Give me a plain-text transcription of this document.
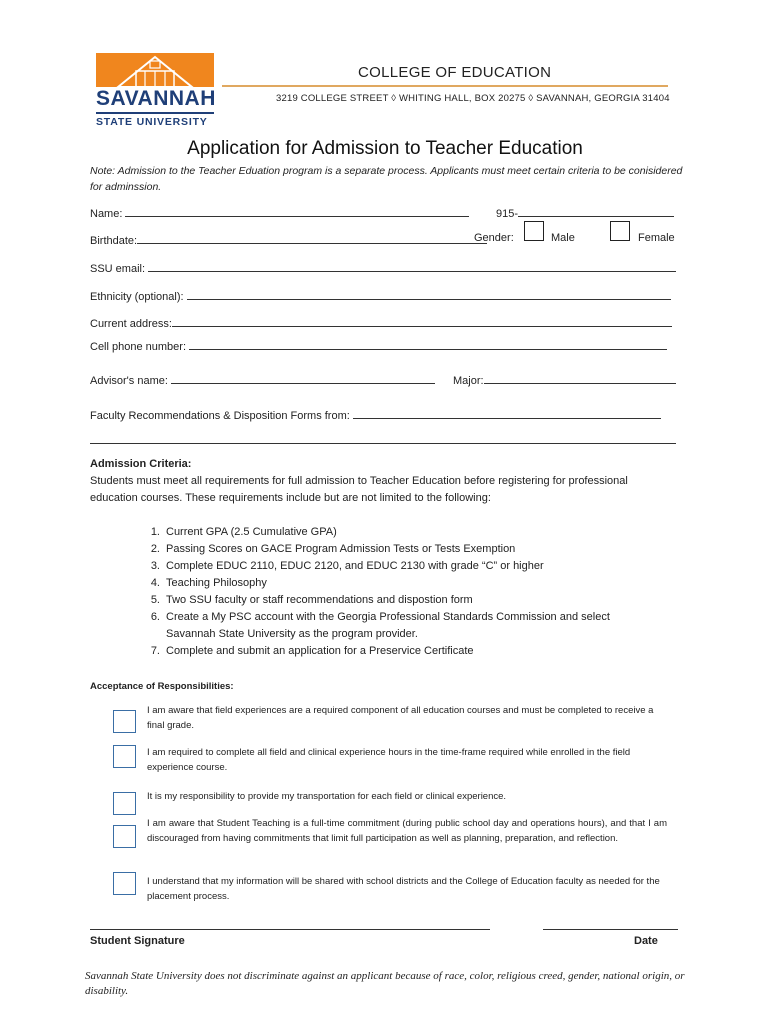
SAVANNAH
STATE UNIVERSITY
COLLEGE OF EDUCATION
3219 COLLEGE STREET ◊ WHITING HALL, BOX 20275 ◊ SAVANNAH, GEORGIA 31404
Application for Admission to Teacher Education
Note: Admission to the Teacher Eduation program is a separate process. Applicants must meet certain criteria to be conisidered for adminssion.
Name:	915-
Birthdate:	Gender:	Male	Female
SSU email:
Ethnicity (optional):
Current address:
Cell phone number:
Advisor's name:	Major:
Faculty Recommendations & Disposition Forms from:
Admission Criteria:
Students must meet all requirements for full admission to Teacher Education before registering for professional education courses. These requirements include but are not limited to the following:
1. Current GPA (2.5 Cumulative GPA)
2. Passing Scores on GACE Program Admission Tests or Tests Exemption
3. Complete EDUC 2110, EDUC 2120, and EDUC 2130 with grade “C” or higher
4. Teaching Philosophy
5. Two SSU faculty or staff recommendations and dispostion form
6. Create a My PSC account with the Georgia Professional Standards Commission and select
Savannah State University as the program provider.
7. Complete and submit an application for a Preservice Certificate
Acceptance of Responsibilities:
I am aware that field experiences are a required component of all education courses and must be completed to receive a final grade.
I am required to complete all field and clinical experience hours in the time-frame required while enrolled in the field experience course.
It is my responsibility to provide my transportation for each field or clinical experience.
I am aware that Student Teaching is a full-time commitment (during public school day and operations hours), and that I am discouraged from having commitments that limit full participation as well as planning, preparation, and reflection.
I understand that my information will be shared with school districts and the College of Education faculty as needed for the placement process.
Student Signature	Date
Savannah State University does not discriminate against an applicant because of race, color, religious creed, gender, national origin, or disability.
